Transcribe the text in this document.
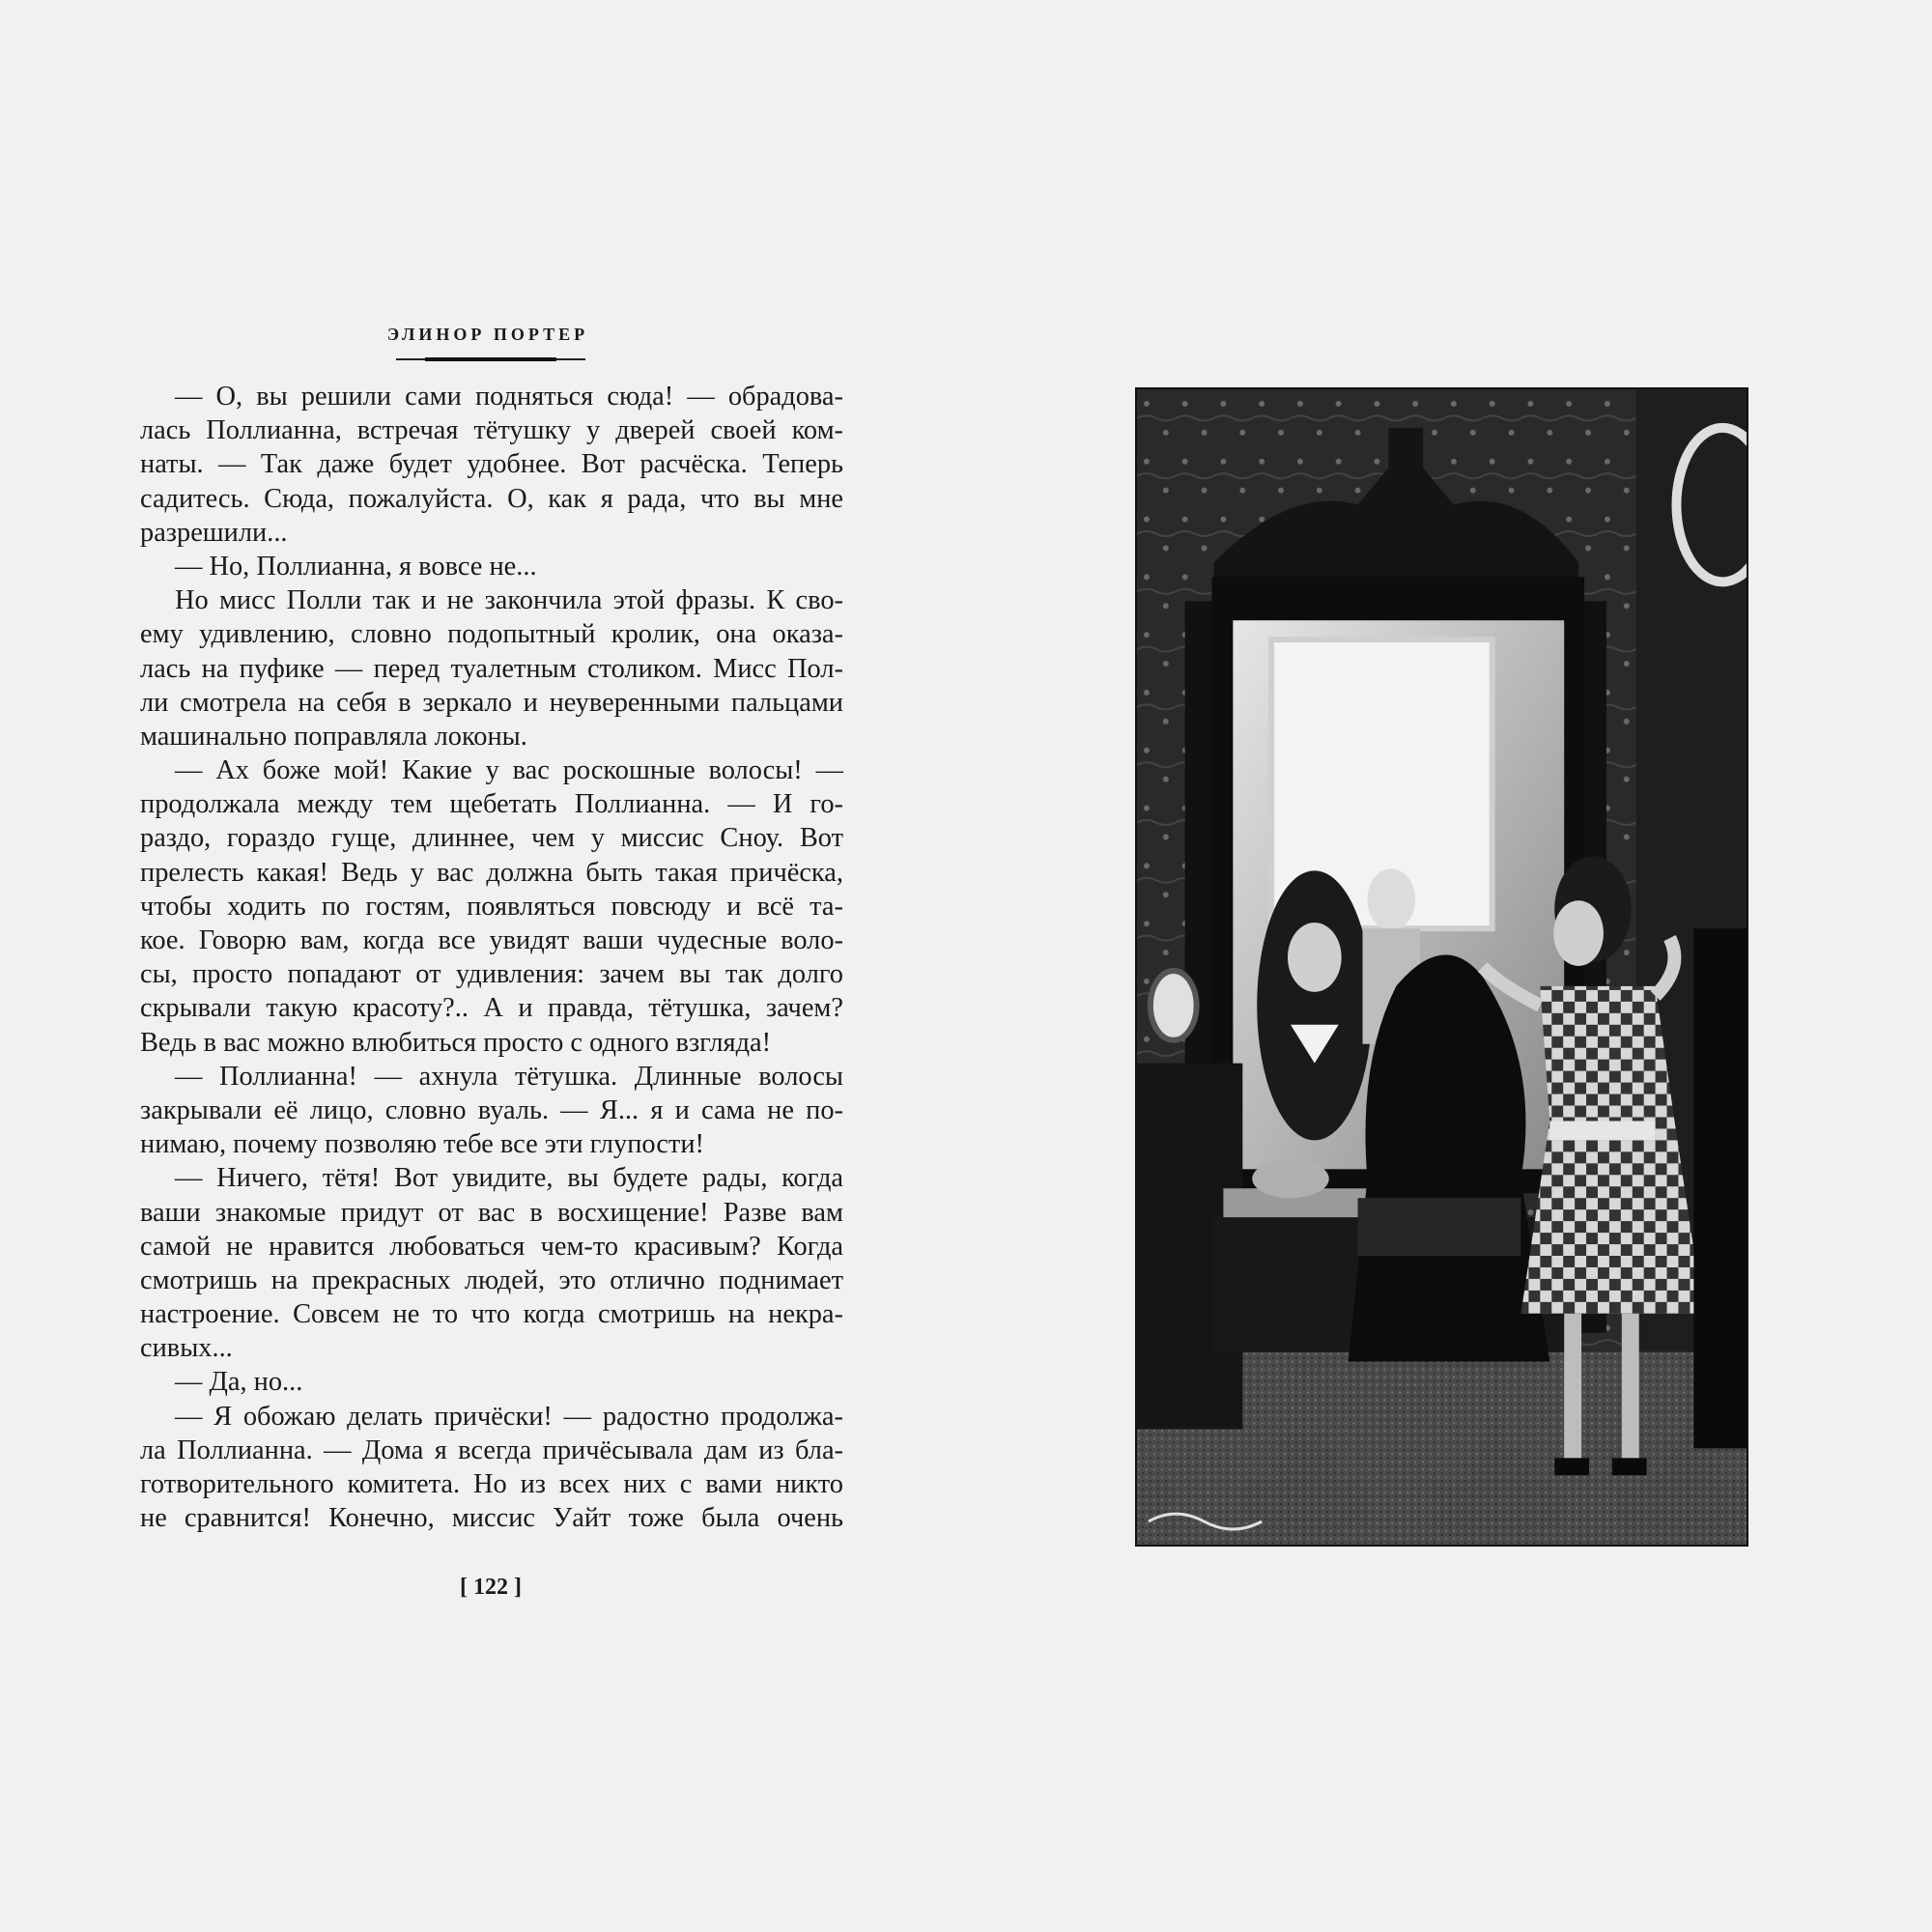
ЭЛИНОР ПОРТЕР
— О, вы решили сами подняться сюда! — обрадова-
лась Поллианна, встречая тётушку у дверей своей ком-
наты. — Так даже будет удобнее. Вот расчёска. Теперь
садитесь. Сюда, пожалуйста. О, как я рада, что вы мне
разрешили...
— Но, Поллианна, я вовсе не...
Но мисс Полли так и не закончила этой фразы. К сво-
ему удивлению, словно подопытный кролик, она оказа-
лась на пуфике — перед туалетным столиком. Мисс Пол-
ли смотрела на себя в зеркало и неуверенными пальцами
машинально поправляла локоны.
— Ах боже мой! Какие у вас роскошные волосы! —
продолжала между тем щебетать Поллианна. — И го-
раздо, гораздо гуще, длиннее, чем у миссис Сноу. Вот
прелесть какая! Ведь у вас должна быть такая причёска,
чтобы ходить по гостям, появляться повсюду и всё та-
кое. Говорю вам, когда все увидят ваши чудесные воло-
сы, просто попадают от удивления: зачем вы так долго
скрывали такую красоту?.. А и правда, тётушка, зачем?
Ведь в вас можно влюбиться просто с одного взгляда!
— Поллианна! — ахнула тётушка. Длинные волосы
закрывали её лицо, словно вуаль. — Я... я и сама не по-
нимаю, почему позволяю тебе все эти глупости!
— Ничего, тётя! Вот увидите, вы будете рады, когда
ваши знакомые придут от вас в восхищение! Разве вам
самой не нравится любоваться чем-то красивым? Когда
смотришь на прекрасных людей, это отлично поднимает
настроение. Совсем не то что когда смотришь на некра-
сивых...
— Да, но...
— Я обожаю делать причёски! — радостно продолжа-
ла Поллианна. — Дома я всегда причёсывала дам из бла-
готворительного комитета. Но из всех них с вами никто
не сравнится! Конечно, миссис Уайт тоже была очень
[ 122 ]
